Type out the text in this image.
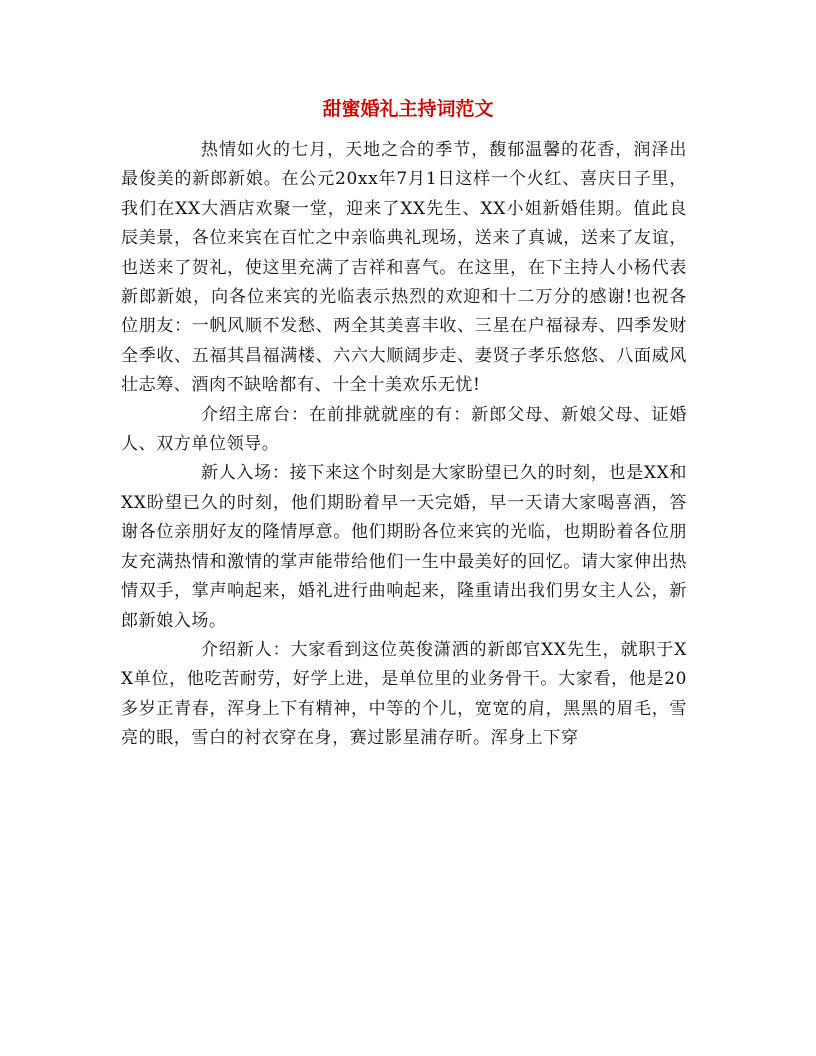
甜蜜婚礼主持词范文

热情如火的七月，天地之合的季节，馥郁温馨的花香，润泽出最俊美的新郎新娘。在公元20xx年7月1日这样一个火红、喜庆日子里，我们在XX大酒店欢聚一堂，迎来了XX先生、XX小姐新婚佳期。值此良辰美景，各位来宾在百忙之中亲临典礼现场，送来了真诚，送来了友谊，也送来了贺礼，使这里充满了吉祥和喜气。在这里，在下主持人小杨代表新郎新娘，向各位来宾的光临表示热烈的欢迎和十二万分的感谢!也祝各位朋友：一帆风顺不发愁、两全其美喜丰收、三星在户福禄寿、四季发财全季收、五福其昌福满楼、六六大顺阔步走、妻贤子孝乐悠悠、八面威风壮志筹、酒肉不缺啥都有、十全十美欢乐无忧!

介绍主席台：在前排就就座的有：新郎父母、新娘父母、证婚人、双方单位领导。

新人入场：接下来这个时刻是大家盼望已久的时刻，也是XX和XX盼望已久的时刻，他们期盼着早一天完婚，早一天请大家喝喜酒，答谢各位亲朋好友的隆情厚意。他们期盼各位来宾的光临，也期盼着各位朋友充满热情和激情的掌声能带给他们一生中最美好的回忆。请大家伸出热情双手，掌声响起来，婚礼进行曲响起来，隆重请出我们男女主人公，新郎新娘入场。

介绍新人：大家看到这位英俊潇洒的新郎官XX先生，就职于XX单位，他吃苦耐劳，好学上进，是单位里的业务骨干。大家看，他是20多岁正青春，浑身上下有精神，中等的个儿，宽宽的肩，黑黑的眉毛，雪亮的眼，雪白的衬衣穿在身，赛过影星浦存昕。浑身上下穿
